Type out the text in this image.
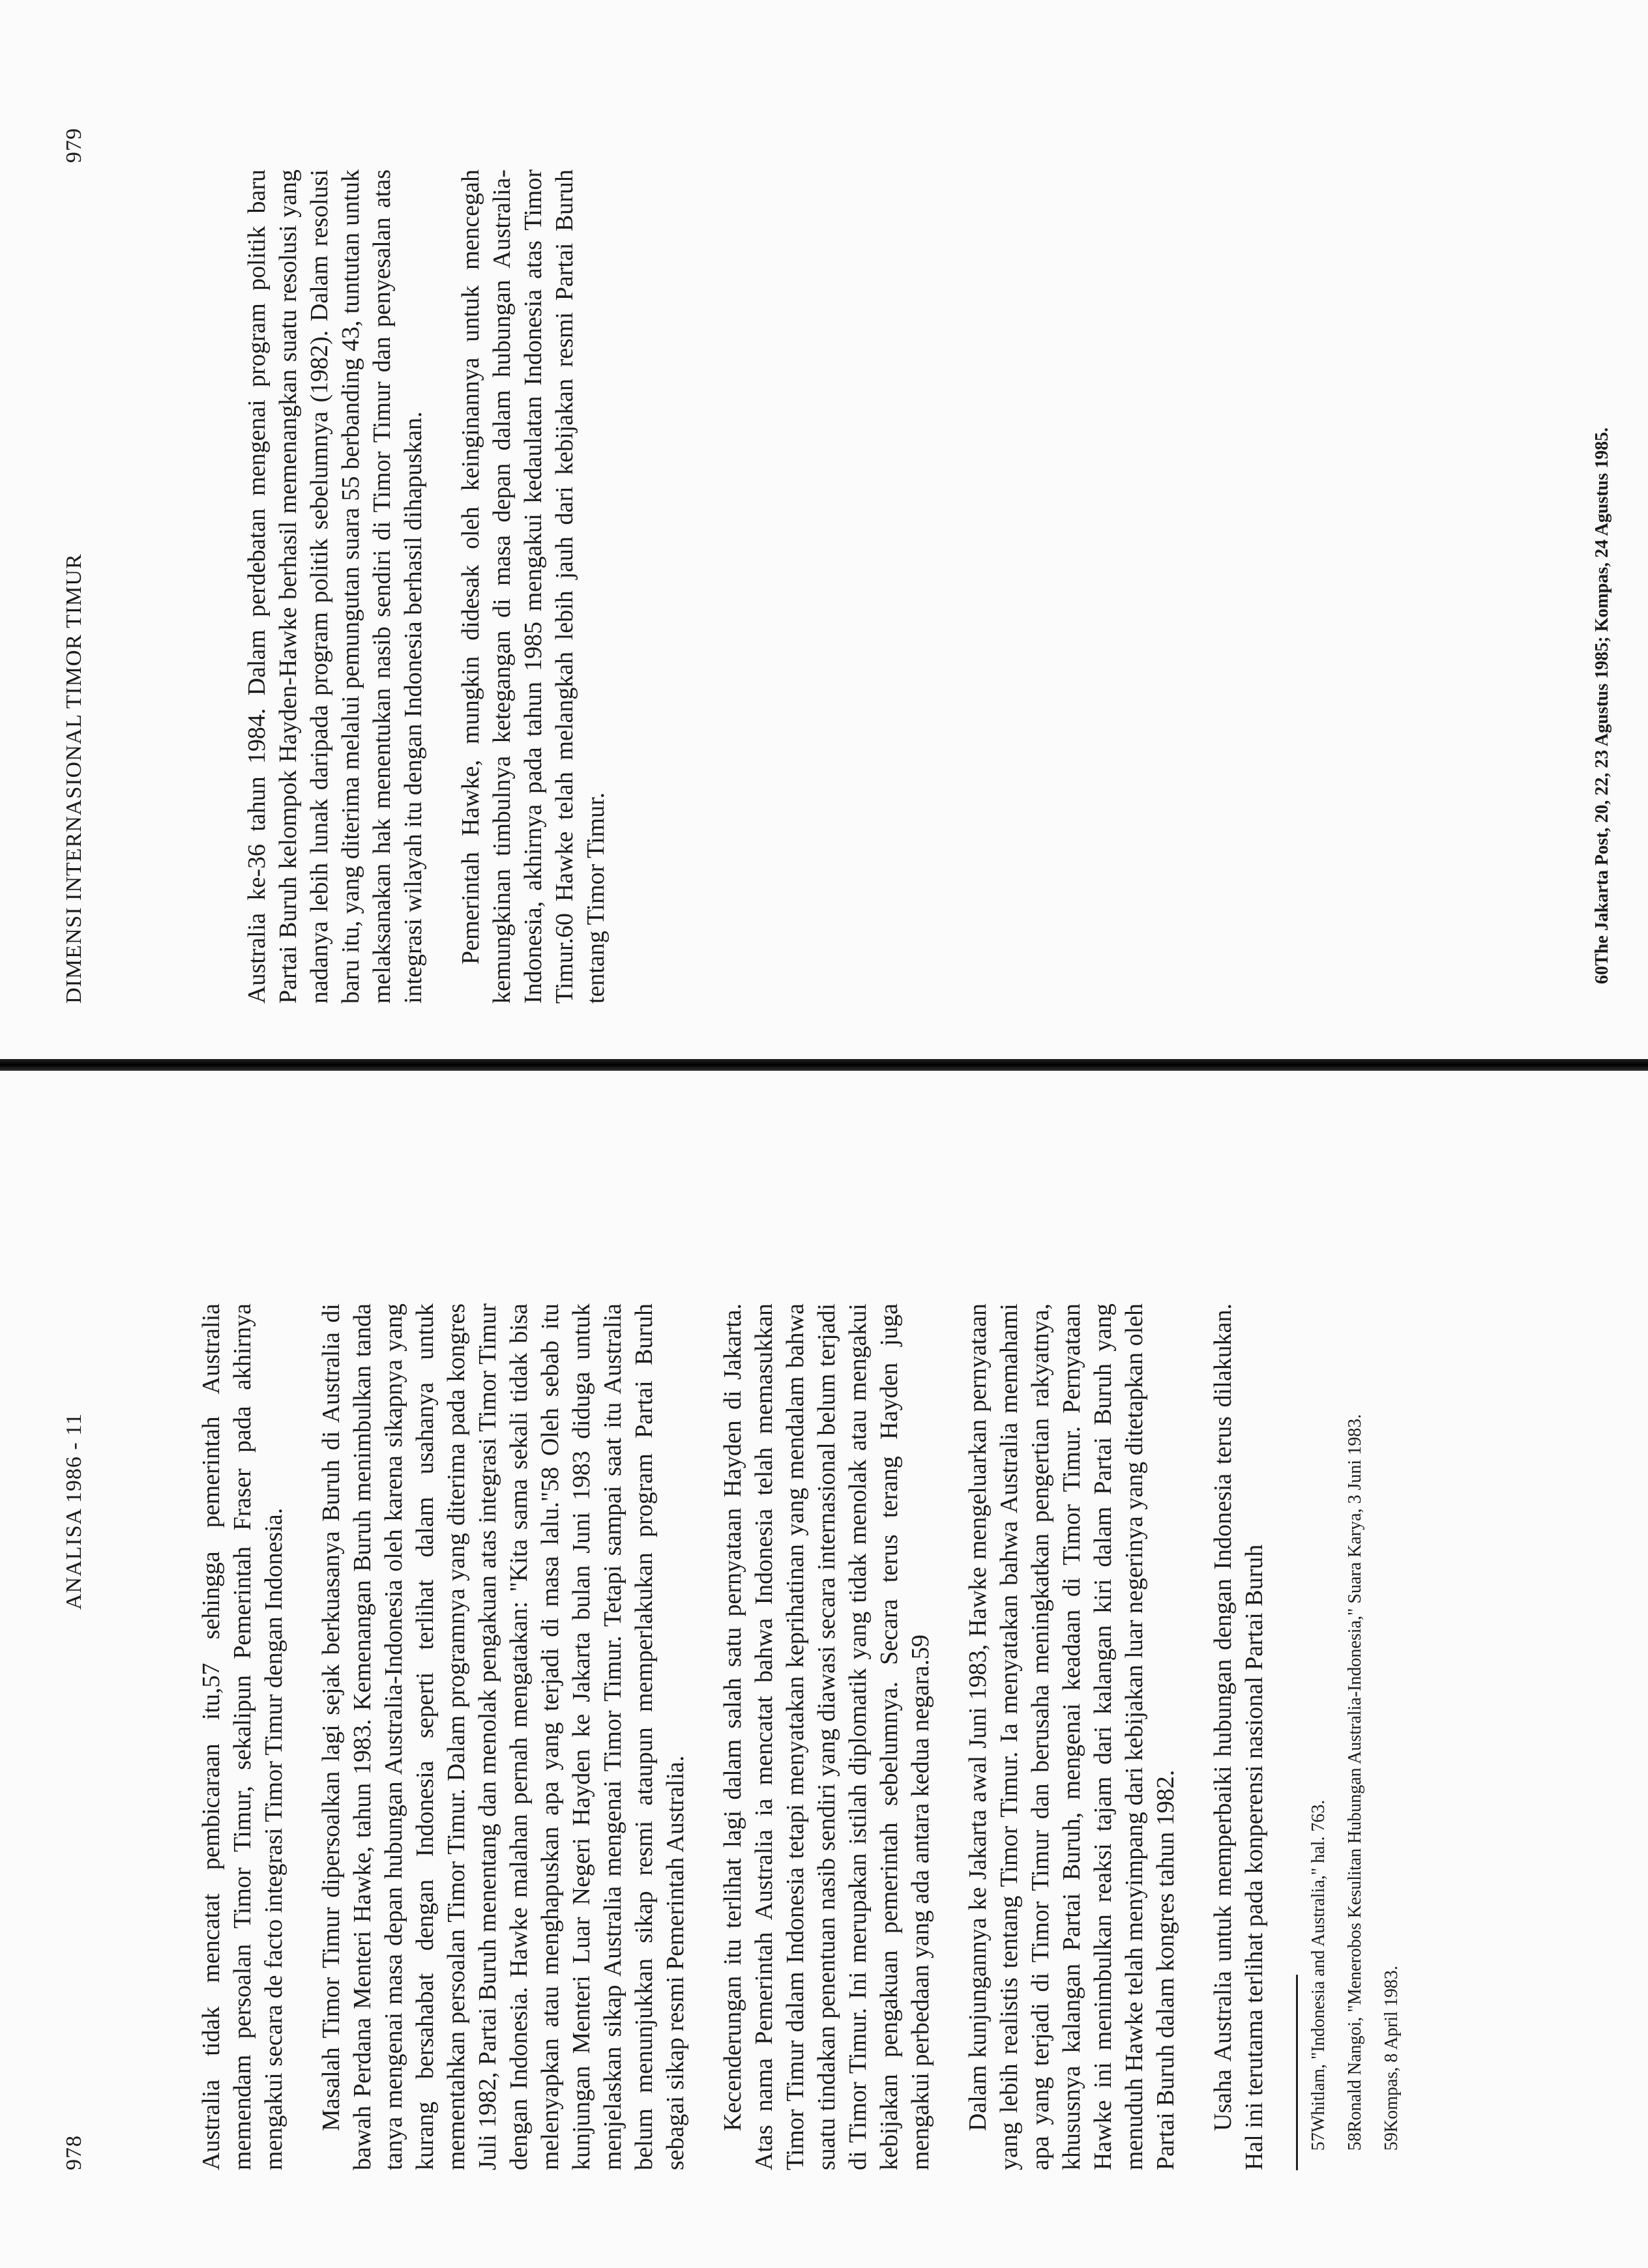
978
ANALISA 1986 - 11	Australia tidak mencatat pembicaraan itu,57 sehingga pemerintah Australia memendam persoalan Timor Timur, sekalipun Pemerintah Fraser pada akhirnya mengakui secara de facto integrasi Timor Timur dengan Indonesia. Masalah Timor Timur dipersoalkan lagi sejak berkuasanya Buruh di Australia di bawah Perdana Menteri Hawke, tahun 1983. Kemenangan Buruh menimbulkan tanda tanya mengenai masa depan hubungan Australia-Indonesia oleh karena sikapnya yang kurang bersahabat dengan Indonesia seperti terlihat dalam usahanya untuk mementahkan persoalan Timor Timur. Dalam programnya yang diterima pada kongres Juli 1982, Partai Buruh menentang dan menolak pengakuan atas integrasi Timor Timur dengan Indonesia. Hawke malahan pernah mengatakan: "Kita sama sekali tidak bisa melenyapkan atau menghapuskan apa yang terjadi di masa lalu."58 Oleh sebab itu kunjungan Menteri Luar Negeri Hayden ke Jakarta bulan Juni 1983 diduga untuk menjelaskan sikap Australia mengenai Timor Timur. Tetapi sampai saat itu Australia belum menunjukkan sikap resmi ataupun memperlakukan program Partai Buruh sebagai sikap resmi Pemerintah Australia. Kecenderungan itu terlihat lagi dalam salah satu pernyataan Hayden di Jakarta. Atas nama Pemerintah Australia ia mencatat bahwa Indonesia telah memasukkan Timor Timur dalam Indonesia tetapi menyatakan keprihatinan yang mendalam bahwa suatu tindakan penentuan nasib sendiri yang diawasi secara internasional belum terjadi di Timor Timur. Ini merupakan istilah diplomatik yang tidak menolak atau mengakui kebijakan pengakuan pemerintah sebelumnya. Secara terus terang Hayden juga mengakui perbedaan yang ada antara kedua negara.59 Dalam kunjungannya ke Jakarta awal Juni 1983, Hawke mengeluarkan pernyataan yang lebih realistis tentang Timor Timur. Ia menyatakan bahwa Australia memahami apa yang terjadi di Timor Timur dan berusaha meningkatkan pengertian rakyatnya, khususnya kalangan Partai Buruh, mengenai keadaan di Timor Timur. Pernyataan Hawke ini menimbulkan reaksi tajam dari kalangan kiri dalam Partai Buruh yang menuduh Hawke telah menyimpang dari kebijakan luar negerinya yang ditetapkan oleh Partai Buruh dalam kongres tahun 1982. Usaha Australia untuk memperbaiki hubungan dengan Indonesia terus dilakukan. Hal ini terutama terlihat pada konperensi nasional Partai Buruh 57Whitlam, "Indonesia and Australia," hal. 763. 58Ronald Nangoi, "Menerobos Kesulitan Hubungan Australia-Indonesia," Suara Karya, 3 Juni 1983. 59Kompas, 8 April 1983.

DIMENSI INTERNASIONAL TIMOR TIMUR
979

Australia ke-36 tahun 1984. Dalam perdebatan mengenai program politik baru Partai Buruh kelompok Hayden-Hawke berhasil memenangkan suatu resolusi yang nadanya lebih lunak daripada program politik sebelumnya (1982). Dalam resolusi baru itu, yang diterima melalui pemungutan suara 55 berbanding 43, tuntutan untuk melaksanakan hak menentukan nasib sendiri di Timor Timur dan penyesalan atas integrasi wilayah itu dengan Indonesia berhasil dihapuskan. Pemerintah Hawke, mungkin didesak oleh keinginannya untuk mencegah kemungkinan timbulnya ketegangan di masa depan dalam hubungan Australia-Indonesia, akhirnya pada tahun 1985 mengakui kedaulatan Indonesia atas Timor Timur.60 Hawke telah melangkah lebih jauh dari kebijakan resmi Partai Buruh tentang Timor Timur.	60The Jakarta Post, 20, 22, 23 Agustus 1985; Kompas, 24 Agustus 1985.
